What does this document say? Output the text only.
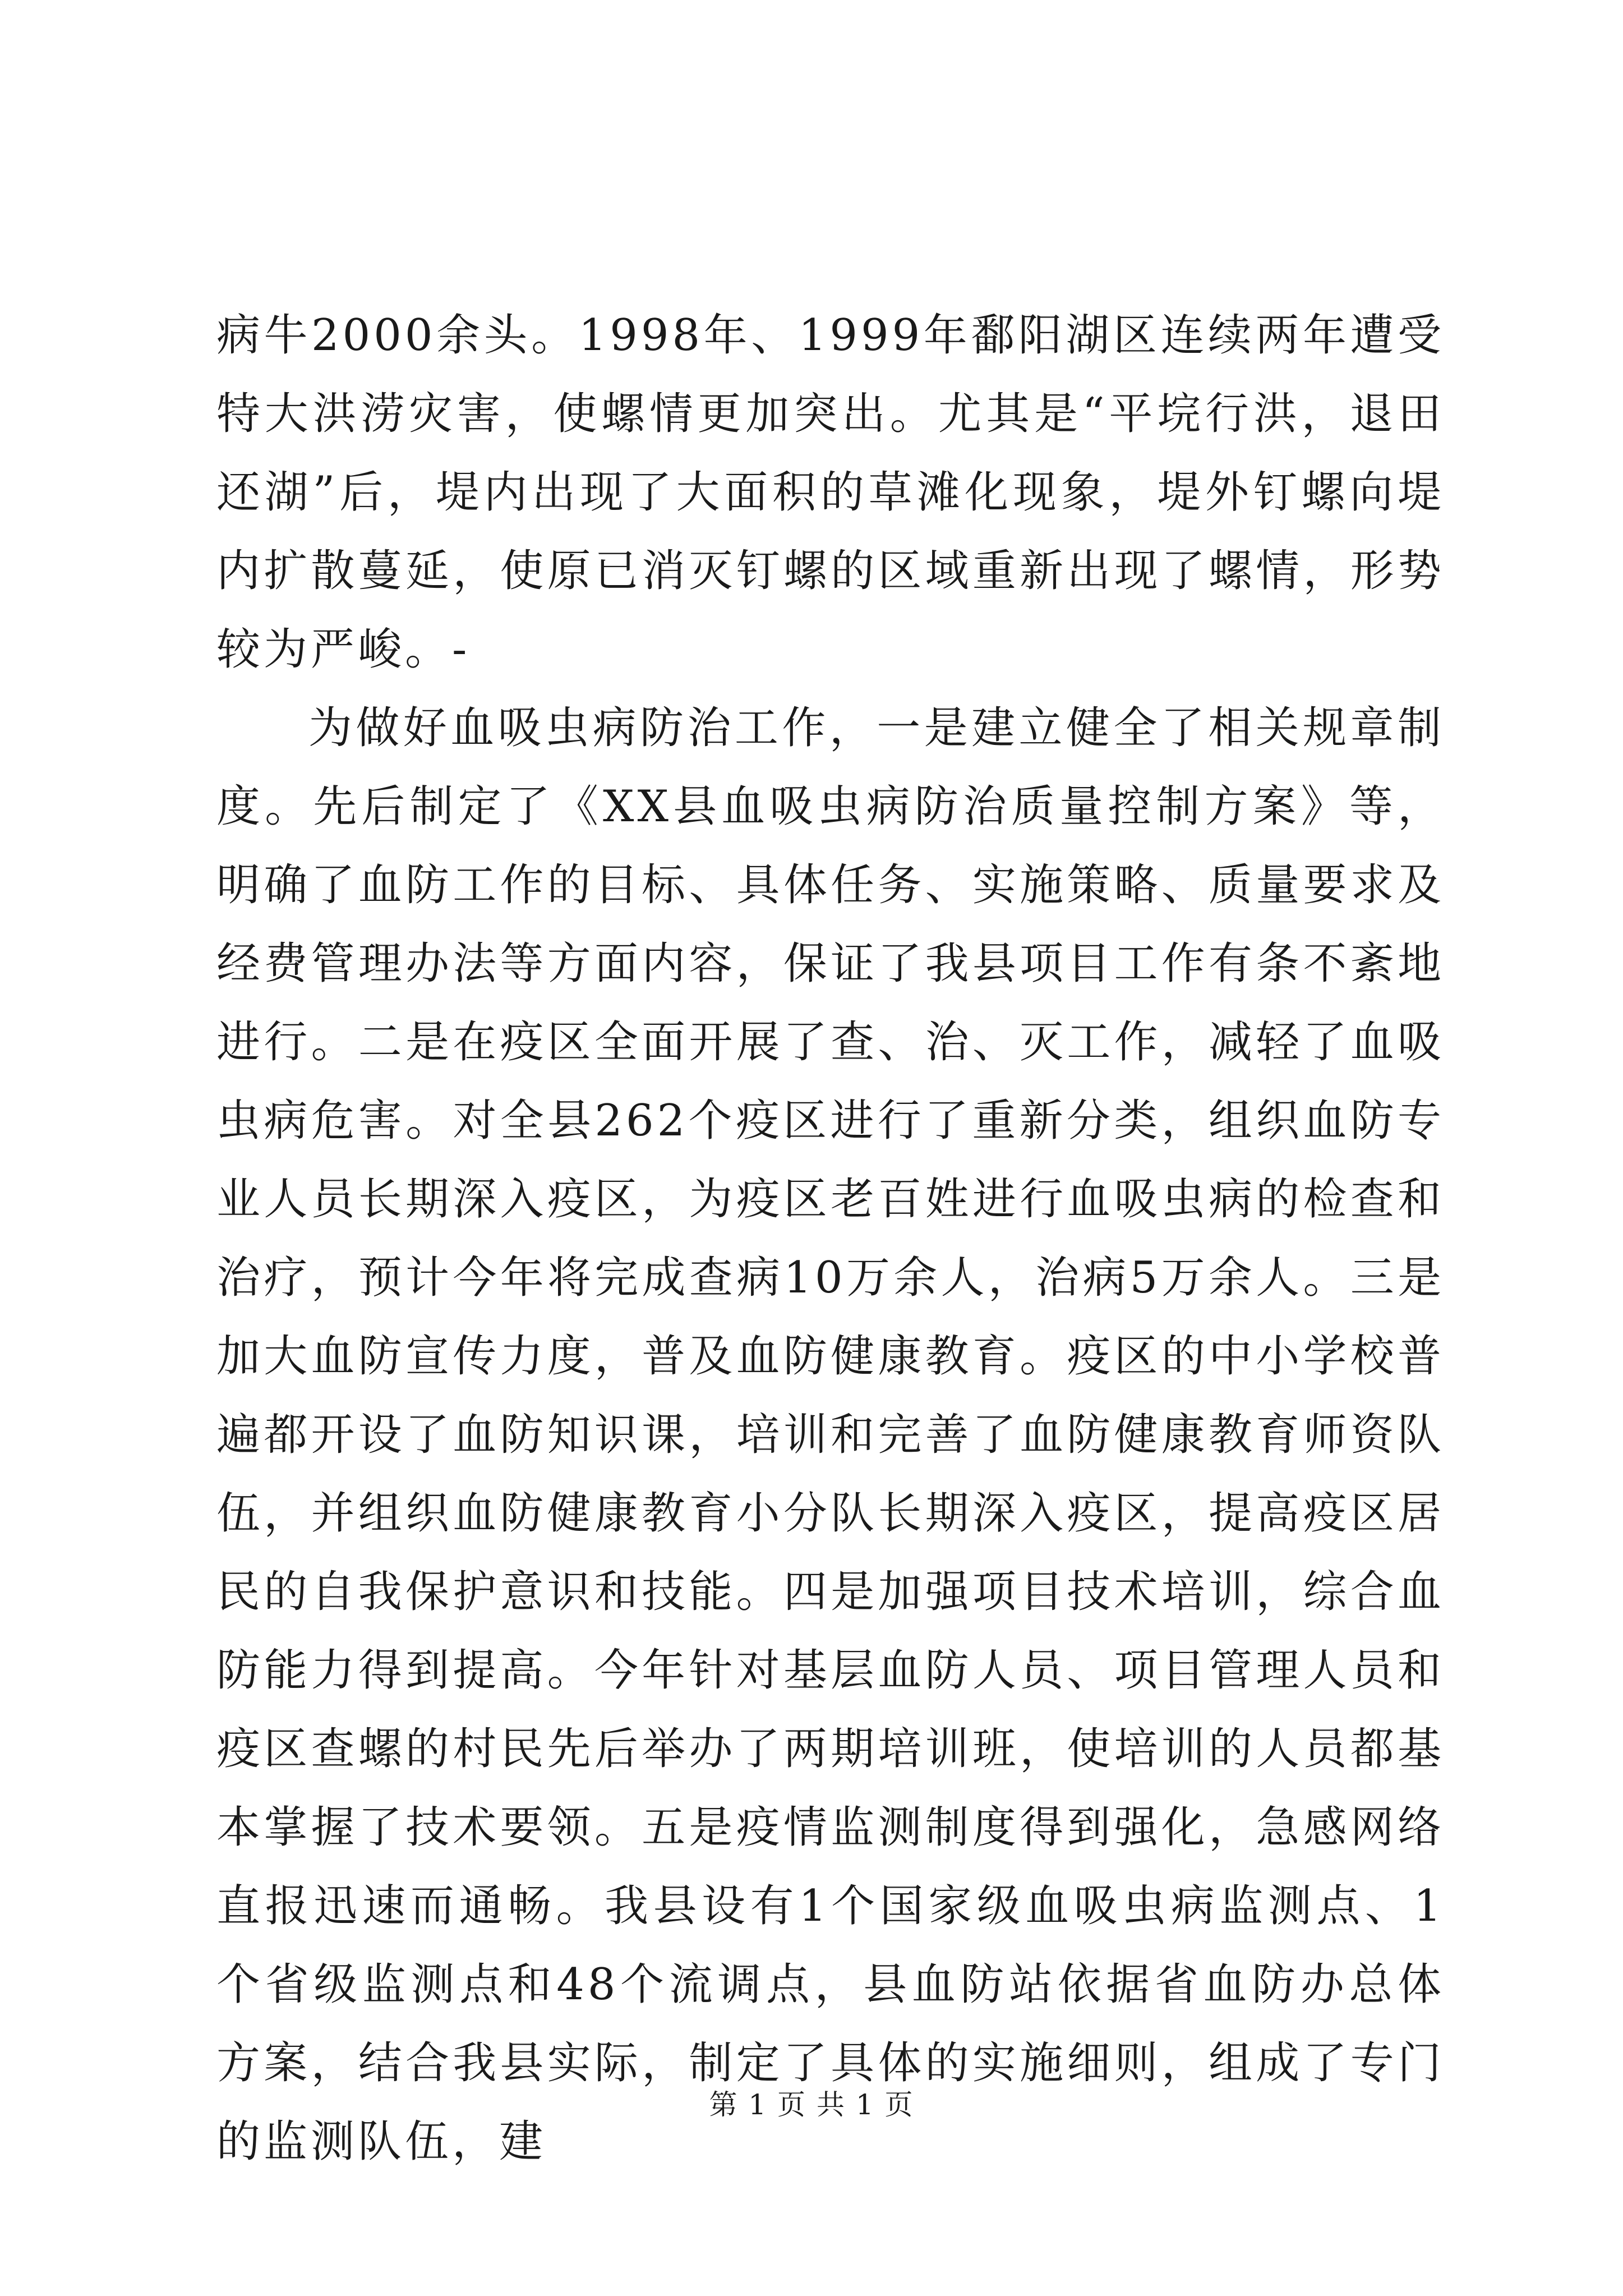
病牛2000余头。1998年、1999年鄱阳湖区连续两年遭受特大洪涝灾害，使螺情更加突出。尤其是“平垸行洪，退田还湖”后，堤内出现了大面积的草滩化现象，堤外钉螺向堤内扩散蔓延，使原已消灭钉螺的区域重新出现了螺情，形势较为严峻。-

为做好血吸虫病防治工作，一是建立健全了相关规章制度。先后制定了《XX县血吸虫病防治质量控制方案》等，明确了血防工作的目标、具体任务、实施策略、质量要求及经费管理办法等方面内容，保证了我县项目工作有条不紊地进行。二是在疫区全面开展了查、治、灭工作，减轻了血吸虫病危害。对全县262个疫区进行了重新分类，组织血防专业人员长期深入疫区，为疫区老百姓进行血吸虫病的检查和治疗，预计今年将完成查病10万余人，治病5万余人。三是加大血防宣传力度，普及血防健康教育。疫区的中小学校普遍都开设了血防知识课，培训和完善了血防健康教育师资队伍，并组织血防健康教育小分队长期深入疫区，提高疫区居民的自我保护意识和技能。四是加强项目技术培训，综合血防能力得到提高。今年针对基层血防人员、项目管理人员和疫区查螺的村民先后举办了两期培训班，使培训的人员都基本掌握了技术要领。五是疫情监测制度得到强化，急感网络直报迅速而通畅。我县设有1个国家级血吸虫病监测点、1个省级监测点和48个流调点，县血防站依据省血防办总体方案，结合我县实际，制定了具体的实施细则，组成了专门的监测队伍，建

第 1 页 共 1 页
